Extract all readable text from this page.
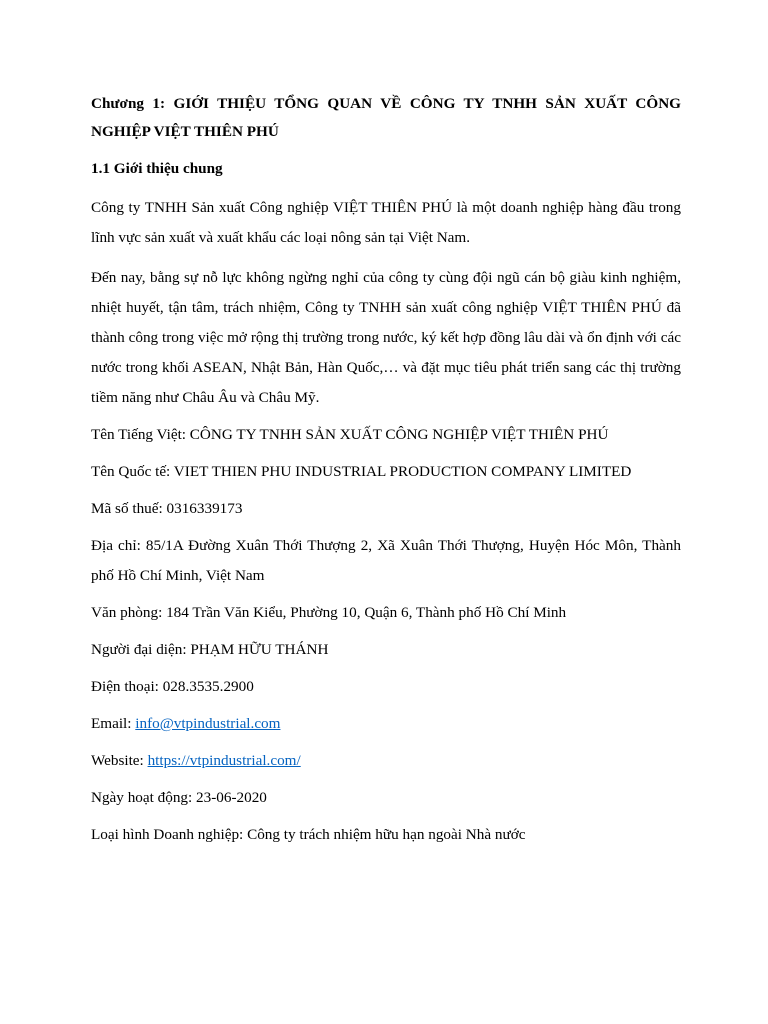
Chương 1: GIỚI THIỆU TỔNG QUAN VỀ CÔNG TY TNHH SẢN XUẤT CÔNG NGHIỆP VIỆT THIÊN PHÚ

1.1 Giới thiệu chung

Công ty TNHH Sản xuất Công nghiệp VIỆT THIÊN PHÚ là một doanh nghiệp hàng đầu trong lĩnh vực sản xuất và xuất khẩu các loại nông sản tại Việt Nam.

Đến nay, bằng sự nỗ lực không ngừng nghỉ của công ty cùng đội ngũ cán bộ giàu kinh nghiệm, nhiệt huyết, tận tâm, trách nhiệm, Công ty TNHH sản xuất công nghiệp VIỆT THIÊN PHÚ đã thành công trong việc mở rộng thị trường trong nước, ký kết hợp đồng lâu dài và ổn định với các nước trong khối ASEAN, Nhật Bản, Hàn Quốc,… và đặt mục tiêu phát triển sang các thị trường tiềm năng như Châu Âu và Châu Mỹ.

Tên Tiếng Việt: CÔNG TY TNHH SẢN XUẤT CÔNG NGHIỆP VIỆT THIÊN PHÚ

Tên Quốc tế: VIET THIEN PHU INDUSTRIAL PRODUCTION COMPANY LIMITED

Mã số thuế: 0316339173

Địa chỉ: 85/1A Đường Xuân Thới Thượng 2, Xã Xuân Thới Thượng, Huyện Hóc Môn, Thành phố Hồ Chí Minh, Việt Nam

Văn phòng: 184 Trần Văn Kiểu, Phường 10, Quận 6, Thành phố Hồ Chí Minh

Người đại diện: PHẠM HỮU THÁNH

Điện thoại: 028.3535.2900

Email: info@vtpindustrial.com

Website: https://vtpindustrial.com/

Ngày hoạt động: 23-06-2020

Loại hình Doanh nghiệp: Công ty trách nhiệm hữu hạn ngoài Nhà nước
